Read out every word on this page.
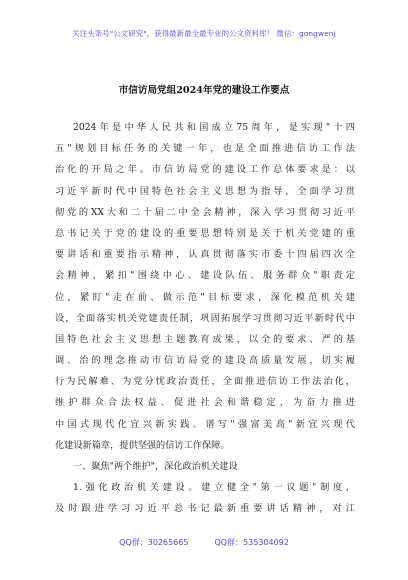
关注头条号"公文研究"，获得最新最全最专业的公文资料库！ 微信：gongwenj
市信访局党组2024年党的建设工作要点
2024年是中华人民共和国成立75周年，是实现"十四
五"规划目标任务的关键一年，也是全面推进信访工作法
治化的开局之年。市信访局党的建设工作总体要求是：以
习近平新时代中国特色社会主义思想为指导，全面学习贯
彻党的XX大和二十届二中全会精神，深入学习贯彻习近平
总书记关于党的建设的重要思想特别是关于机关党建的重
要讲话和重要指示精神，认真贯彻落实市委十四届四次全
会精神，紧扣"围绕中心、建设队伍、服务群众"职责定
位，紧盯"走在前、做示范"目标要求，深化模范机关建
设，全面落实机关党建责任制，巩固拓展学习贯彻习近平新时代中
国特色社会主义思想主题教育成果，以全的要求、严的基
调、治的理念推动市信访局党的建设高质量发展，切实履
行为民解难、为党分忧政治责任，全面推进信访工作法治化，
维护群众合法权益、促进社会和谐稳定，为奋力推进
中国式现代化宜兴新实践、谱写"强富美高"新宜兴现代
化建设新篇章，提供坚强的信访工作保障。
一、聚焦"两个维护"，深化政治机关建设
1.强化政治机关建设。建立健全"第一议题"制度，
及时跟进学习习近平总书记最新重要讲话精神，对江
QQ群：30265665	QQ群：535304092
